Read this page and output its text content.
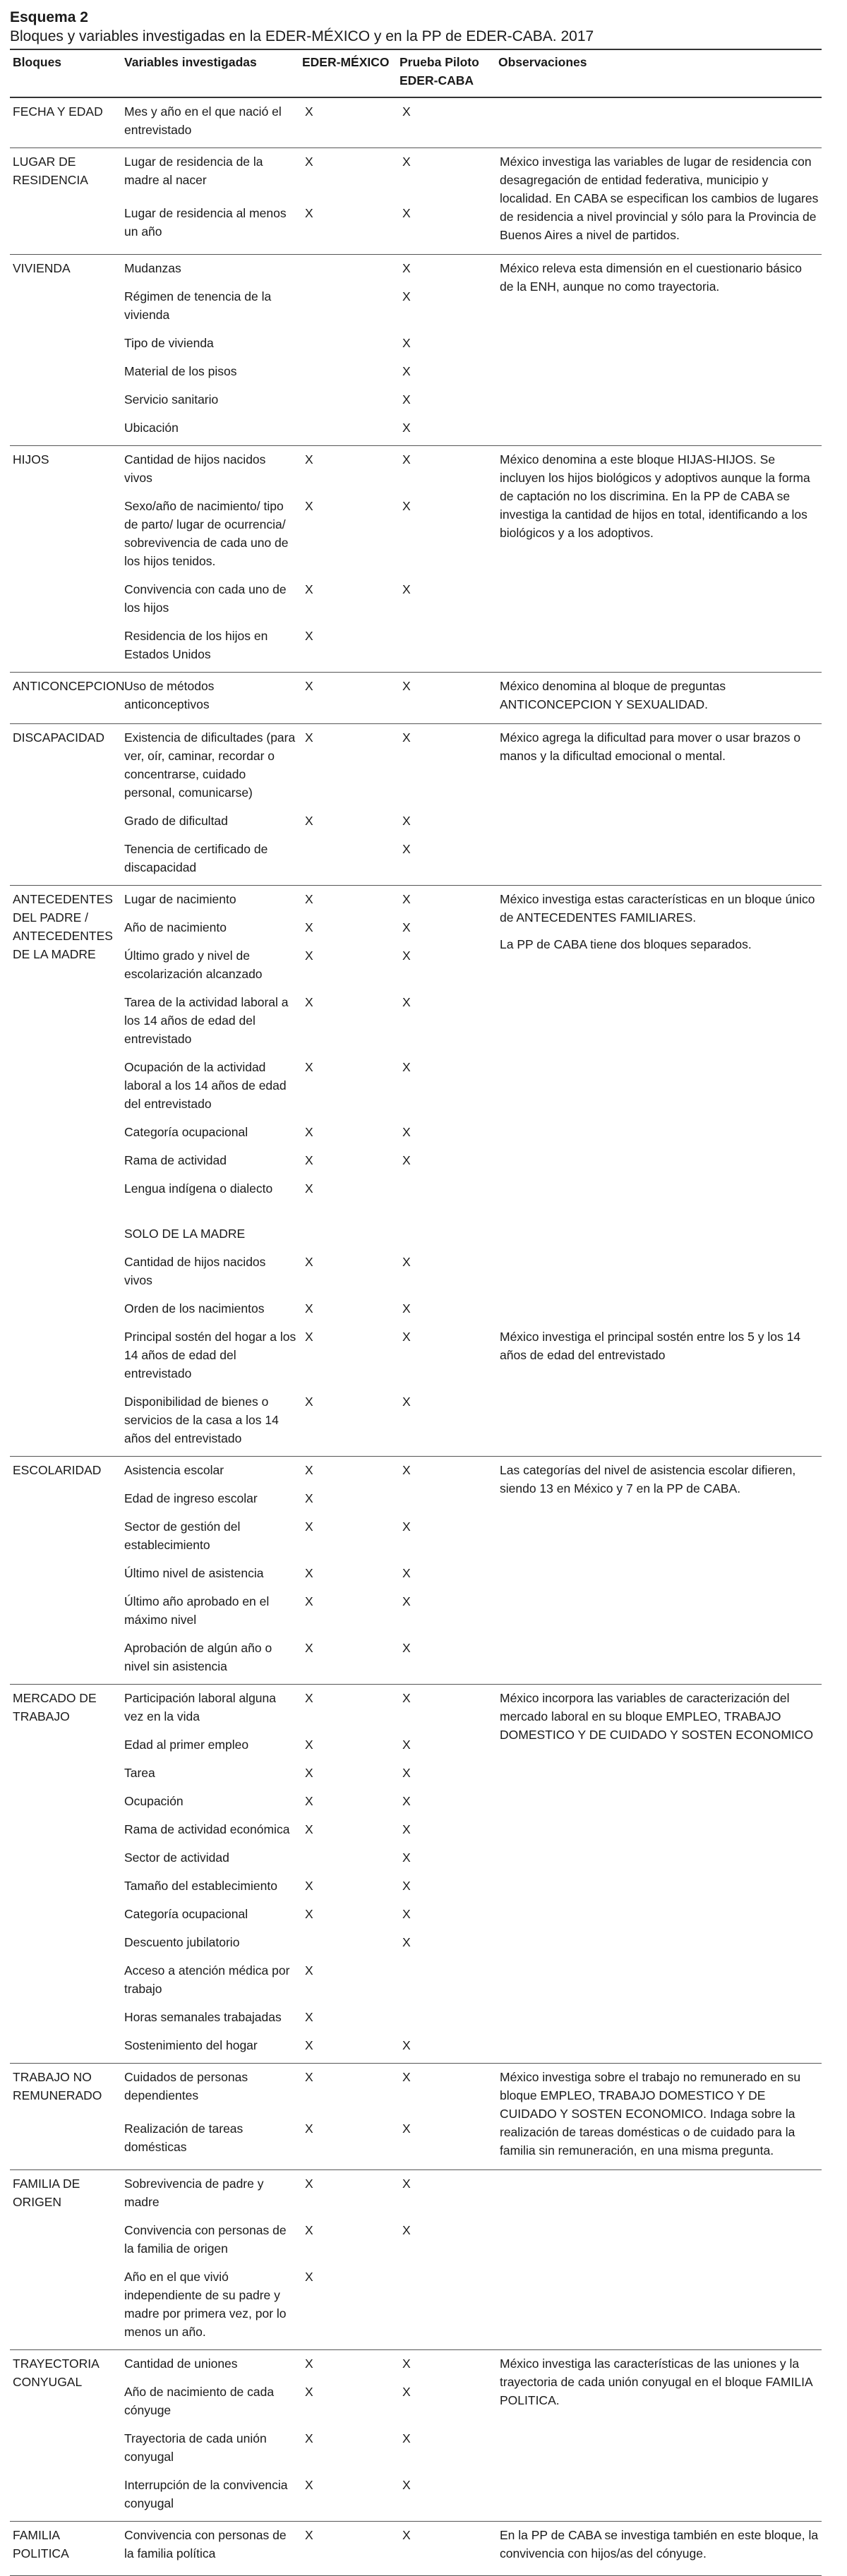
Esquema 2
Bloques y variables investigadas en la EDER-MÉXICO y en la PP de EDER-CABA. 2017
Bloques	Variables investigadas	EDER-MÉXICO	Prueba Piloto EDER-CABA	Observaciones
FECHA Y EDAD	Mes y año en el que nació el entrevistado	X	X	
LUGAR DE RESIDENCIA	Lugar de residencia de la madre al nacer	X	X	México investiga las variables de lugar de residencia con desagregación de entidad federativa, municipio y localidad. En CABA se especifican los cambios de lugares de residencia a nivel provincial y sólo para la Provincia de Buenos Aires a nivel de partidos.

	Lugar de residencia al menos un año	X	X	
VIVIENDA	Mudanzas		X	México releva esta dimensión en el cuestionario básico de la ENH, aunque no como trayectoria.

	Régimen de tenencia de la vivienda		X	
	Tipo de vivienda		X	
	Material de los pisos		X	
	Servicio sanitario		X	
	Ubicación		X	
HIJOS	Cantidad de hijos nacidos vivos	X	X	México denomina a este bloque HIJAS-HIJOS. Se incluyen los hijos biológicos y adoptivos aunque la forma de captación no los discrimina. En la PP de CABA se investiga la cantidad de hijos en total, identificando a los biológicos y a los adoptivos.

	Sexo/año de nacimiento/ tipo de parto/ lugar de ocurrencia/ sobrevivencia de cada uno de los hijos tenidos.	X	X	
	Convivencia con cada uno de los hijos	X	X	
	Residencia de los hijos en Estados Unidos	X		
ANTICONCEPCION	Uso de métodos anticonceptivos	X	X	México denomina al bloque de preguntas ANTICONCEPCION Y SEXUALIDAD.

DISCAPACIDAD	Existencia de dificultades (para ver, oír, caminar, recordar o concentrarse, cuidado personal, comunicarse)	X	X	México agrega la dificultad para mover o usar brazos o manos y la dificultad emocional o mental.

	Grado de dificultad	X	X	
	Tenencia de certificado de discapacidad		X	
ANTECEDENTES DEL PADRE / ANTECEDENTES DE LA MADRE	Lugar de nacimiento	X	X	México investiga estas características en un bloque único de ANTECEDENTES FAMILIARES.

La PP de CABA tiene dos bloques separados.

	Año de nacimiento	X	X	
	Último grado y nivel de escolarización alcanzado	X	X	
	Tarea de la actividad laboral a los 14 años de edad del entrevistado	X	X	
	Ocupación de la actividad laboral a los 14 años de edad del entrevistado	X	X	
	Categoría ocupacional	X	X	
	Rama de actividad	X	X	
	Lengua indígena o dialecto	X		
	SOLO DE LA MADRE			
	Cantidad de hijos nacidos vivos	X	X	
	Orden de los nacimientos	X	X	
	Principal sostén del hogar a los 14 años de edad del entrevistado	X	X	México investiga el principal sostén entre los 5 y los 14 años de edad del entrevistado

	Disponibilidad de bienes o servicios de la casa a los 14 años del entrevistado	X	X	
ESCOLARIDAD	Asistencia escolar	X	X	Las categorías del nivel de asistencia escolar difieren, siendo 13 en México y 7 en la PP de CABA.

	Edad de ingreso escolar	X		
	Sector de gestión del establecimiento	X	X	
	Último nivel de asistencia	X	X	
	Último año aprobado en el máximo nivel	X	X	
	Aprobación de algún año o nivel sin asistencia	X	X	
MERCADO DE TRABAJO	Participación laboral alguna vez en la vida	X	X	México incorpora las variables de caracterización del mercado laboral en su bloque EMPLEO, TRABAJO DOMESTICO Y DE CUIDADO Y SOSTEN ECONOMICO

	Edad al primer empleo	X	X	
	Tarea	X	X	
	Ocupación	X	X	
	Rama de actividad económica	X	X	
	Sector de actividad		X	
	Tamaño del establecimiento	X	X	
	Categoría ocupacional	X	X	
	Descuento jubilatorio		X	
	Acceso a atención médica por trabajo	X		
	Horas semanales trabajadas	X		
	Sostenimiento del hogar	X	X	
TRABAJO NO REMUNERADO	Cuidados de personas dependientes	X	X	México investiga sobre el trabajo no remunerado en su bloque EMPLEO, TRABAJO DOMESTICO Y DE CUIDADO Y SOSTEN ECONOMICO. Indaga sobre la realización de tareas domésticas o de cuidado para la familia sin remuneración, en una misma pregunta.

	Realización de tareas domésticas	X	X	
FAMILIA DE ORIGEN	Sobrevivencia de padre y madre	X	X	
	Convivencia con personas de la familia de origen	X	X	
	Año en el que vivió independiente de su padre y madre por primera vez, por lo menos un año.	X		
TRAYECTORIA CONYUGAL	Cantidad de uniones	X	X	México investiga las características de las uniones y la trayectoria de cada unión conyugal en el bloque FAMILIA POLITICA.

	Año de nacimiento de cada cónyuge	X	X	
	Trayectoria de cada unión conyugal	X	X	
	Interrupción de la convivencia conyugal	X	X	
FAMILIA POLITICA	Convivencia con personas de la familia política	X	X	En la PP de CABA se investiga también en este bloque, la convivencia con hijos/as del cónyuge.
